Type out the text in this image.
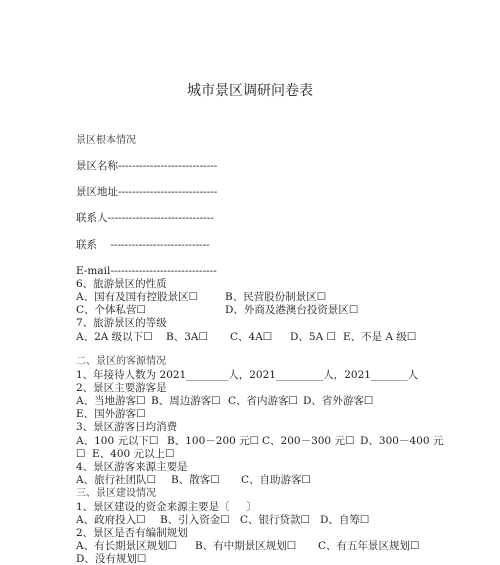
城市景区调研问卷表
景区根本情况
景区名称----------------------------
景区地址----------------------------
联系人------------------------------
联系    ----------------------------
E-mail------------------------------
6、旅游景区的性质
A、国有及国有控股景区☐	B、民营股份制景区☐
C、个体私营☐	D、外商及港澳台投资景区☐
7、旅游景区的等级
A、2A 级以下☐ B、3A☐ C、4A☐ D、5A ☐ E、不是 A 级☐
二、景区的客源情况
1、年接待人数为 2021________人，2021_________人，2021_______人
2、景区主要游客是
A、当地游客☐ B、周边游客☐ C、省内游客☐ D、省外游客☐
E、国外游客☐
3、景区游客日均消费
A、100 元以下☐ B、100－200 元☐ C、200－300 元☐ D、300－400 元
☐ E、400 元以上☐
4、景区游客来源主要是
A、旅行社团队☐ B、散客☐ C、自助游客☐
三、景区建设情况
1、景区建设的资金来源主要是〔     〕
A、政府投入☐ B、引入资金☐ C、银行贷款☐ D、自筹☐
2、景区是否有编制规划
A、有长期景区规划☐ B、有中期景区规划☐ C、有五年景区规划☐
D、没有规划☐
